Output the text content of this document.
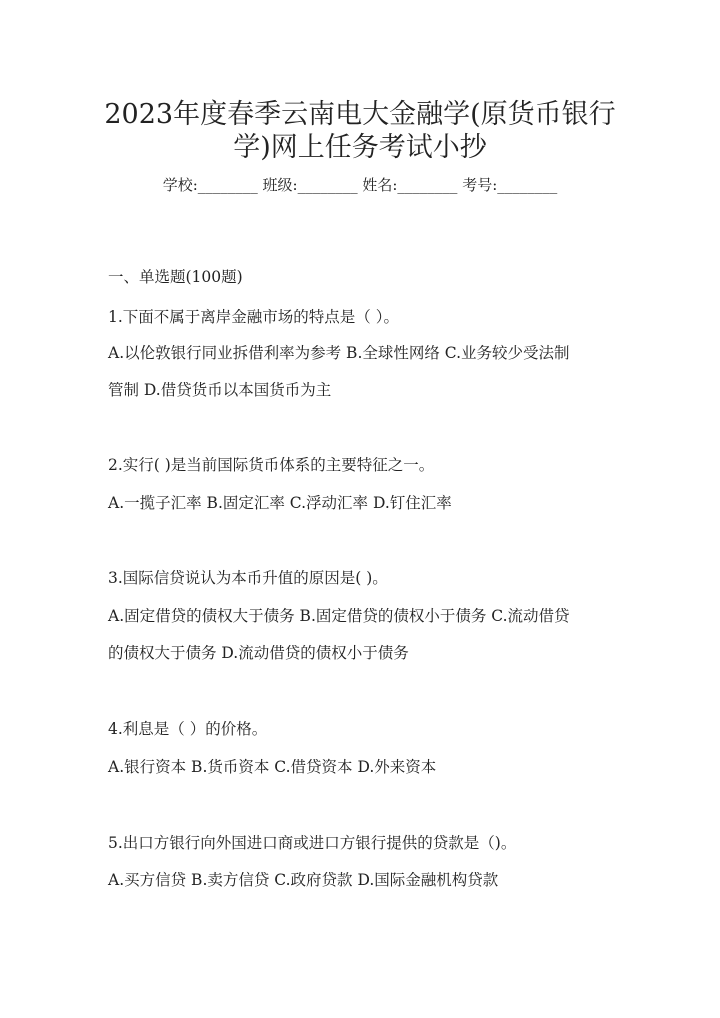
2023年度春季云南电大金融学(原货币银行
学)网上任务考试小抄
学校:________ 班级:________ 姓名:________ 考号:________
一、单选题(100题)
1.下面不属于离岸金融市场的特点是（ ）。
A.以伦敦银行同业拆借利率为参考 B.全球性网络 C.业务较少受法制
管制 D.借贷货币以本国货币为主
2.实行( )是当前国际货币体系的主要特征之一。
A.一揽子汇率 B.固定汇率 C.浮动汇率 D.钉住汇率
3.国际信贷说认为本币升值的原因是( )。
A.固定借贷的债权大于债务 B.固定借贷的债权小于债务 C.流动借贷
的债权大于债务 D.流动借贷的债权小于债务
4.利息是（ ）的价格。
A.银行资本 B.货币资本 C.借贷资本 D.外来资本
5.出口方银行向外国进口商或进口方银行提供的贷款是（)。
A.买方信贷 B.卖方信贷 C.政府贷款 D.国际金融机构贷款
